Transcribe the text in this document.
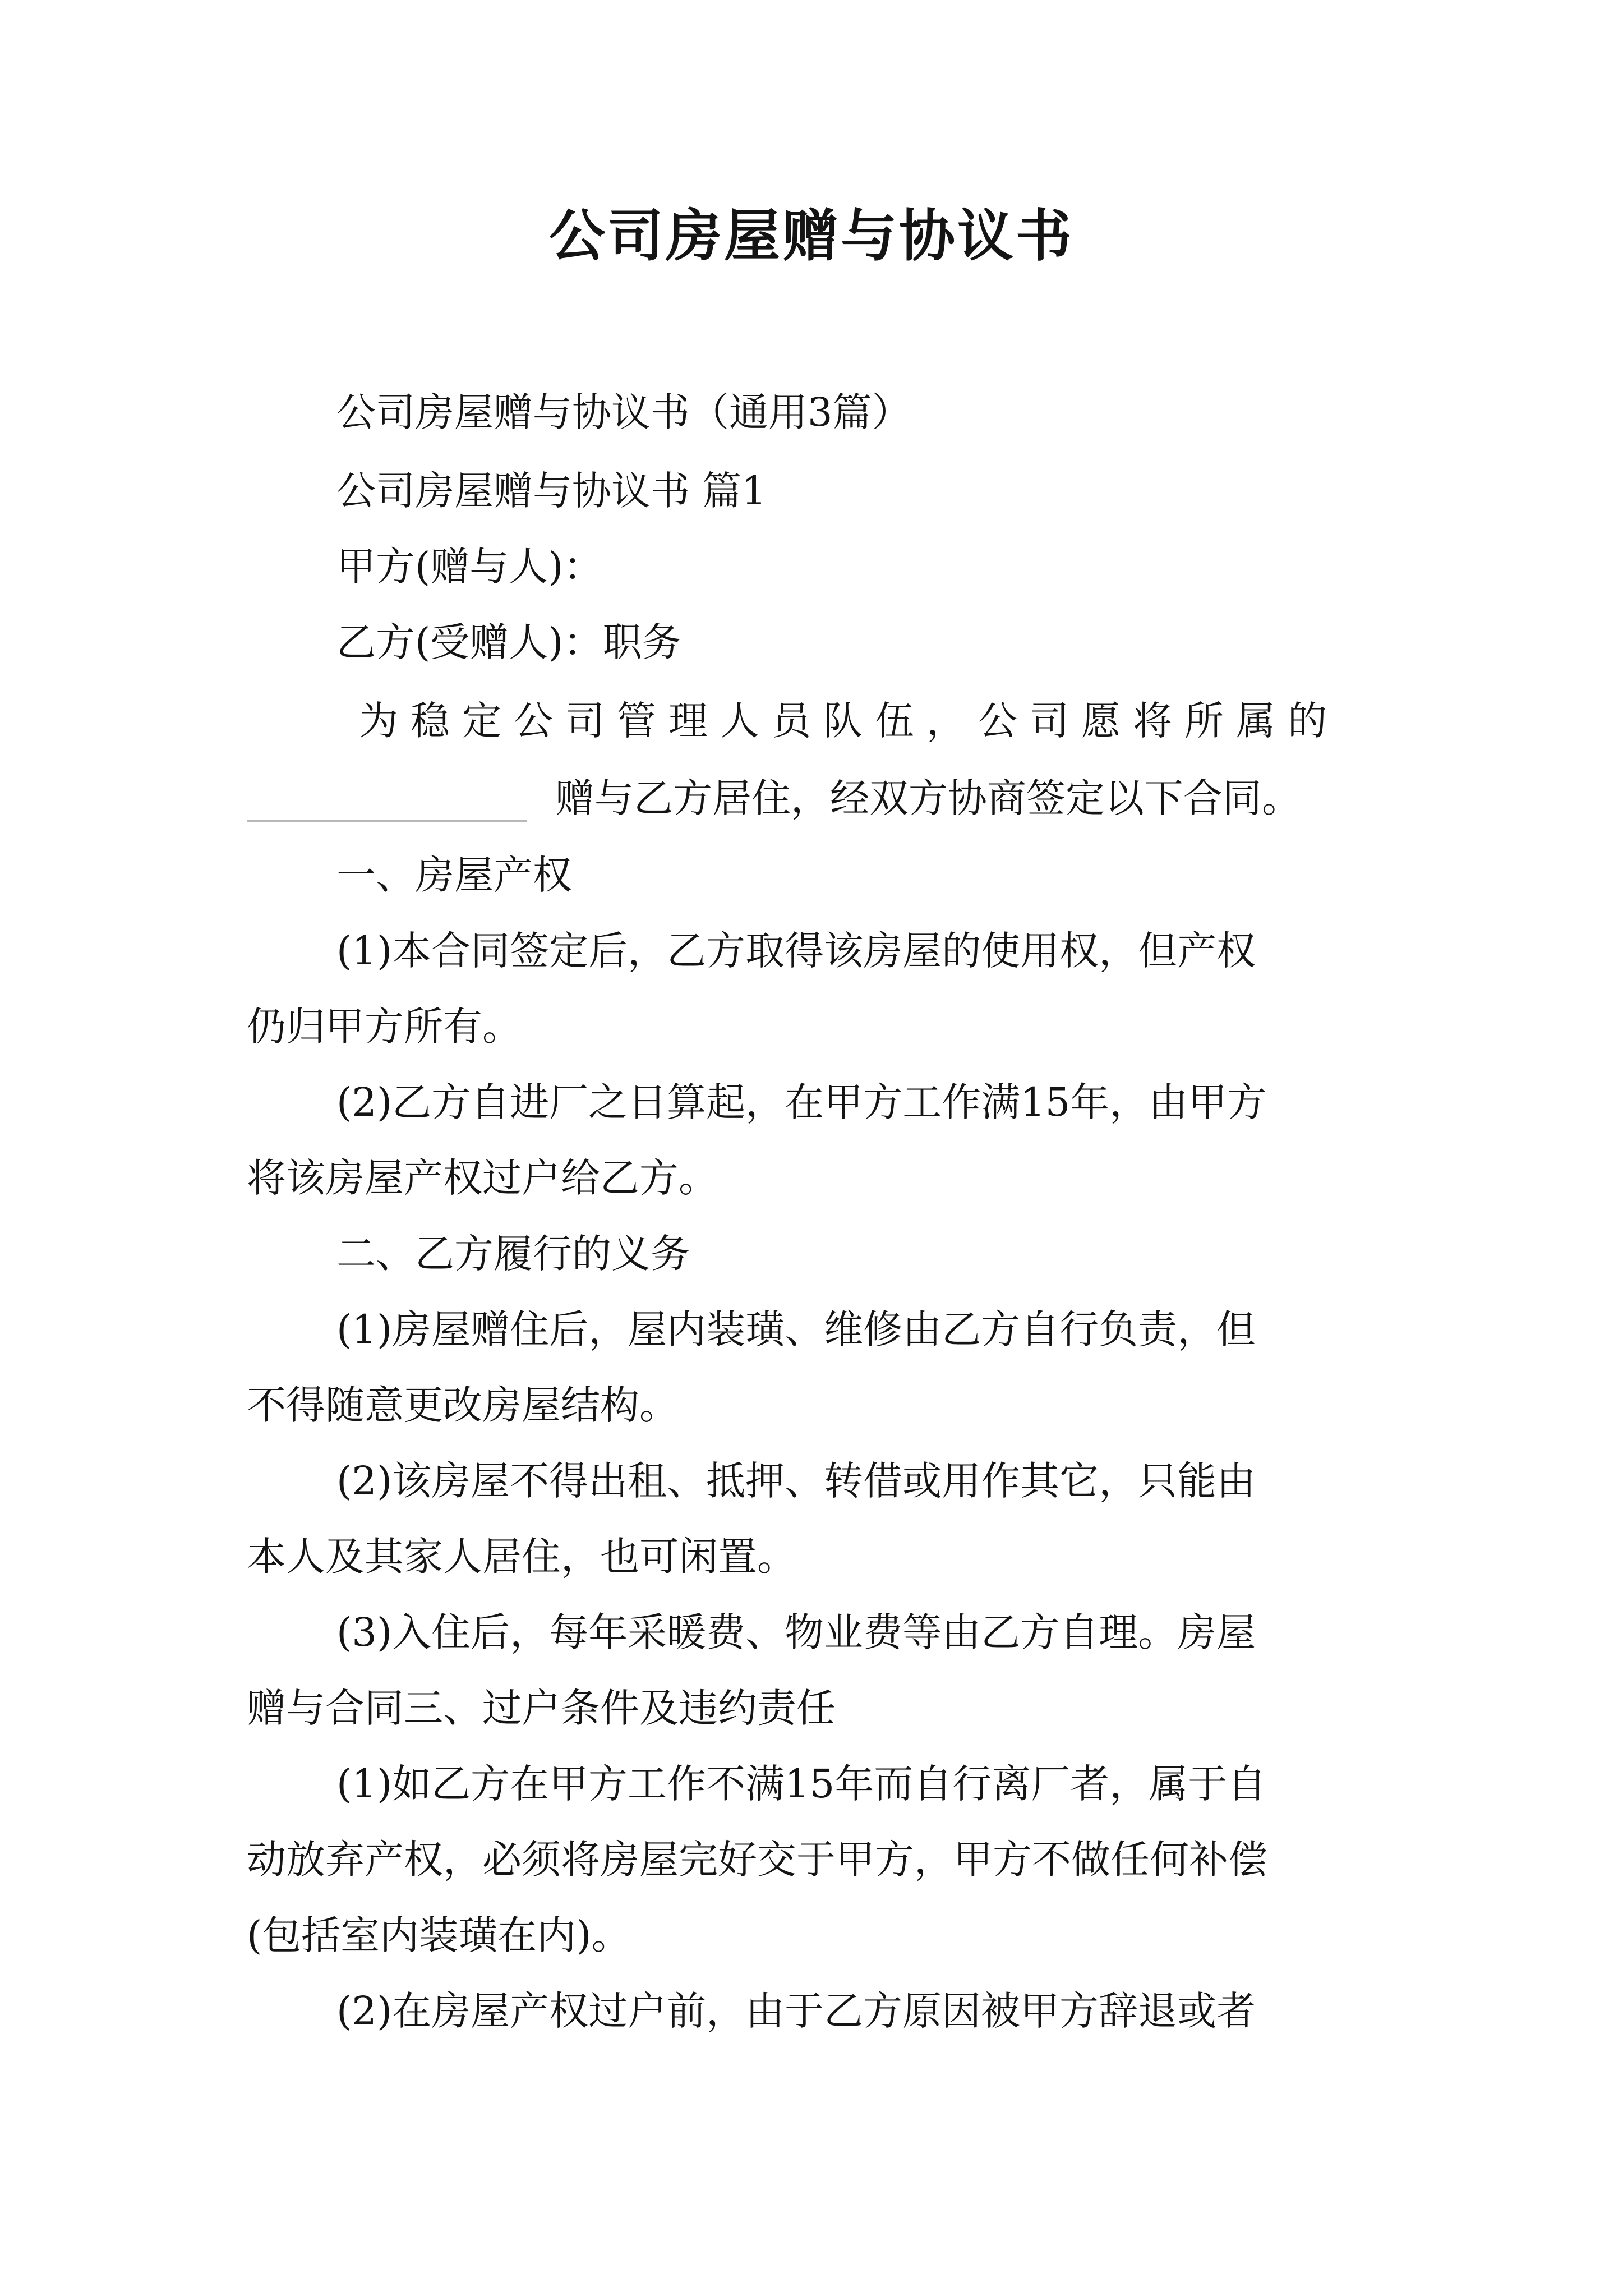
公司房屋赠与协议书
公司房屋赠与协议书（通用3篇）
公司房屋赠与协议书 篇1
甲方(赠与人)：
乙方(受赠人)：职务
为稳定公司管理人员队伍，公司愿将所属的
赠与乙方居住，经双方协商签定以下合同。
一、房屋产权
(1)本合同签定后，乙方取得该房屋的使用权，但产权
仍归甲方所有。
(2)乙方自进厂之日算起，在甲方工作满15年，由甲方
将该房屋产权过户给乙方。
二、乙方履行的义务
(1)房屋赠住后，屋内装璜、维修由乙方自行负责，但
不得随意更改房屋结构。
(2)该房屋不得出租、抵押、转借或用作其它，只能由
本人及其家人居住，也可闲置。
(3)入住后，每年采暖费、物业费等由乙方自理。房屋
赠与合同三、过户条件及违约责任
(1)如乙方在甲方工作不满15年而自行离厂者，属于自
动放弃产权，必须将房屋完好交于甲方，甲方不做任何补偿
(包括室内装璜在内)。
(2)在房屋产权过户前，由于乙方原因被甲方辞退或者
